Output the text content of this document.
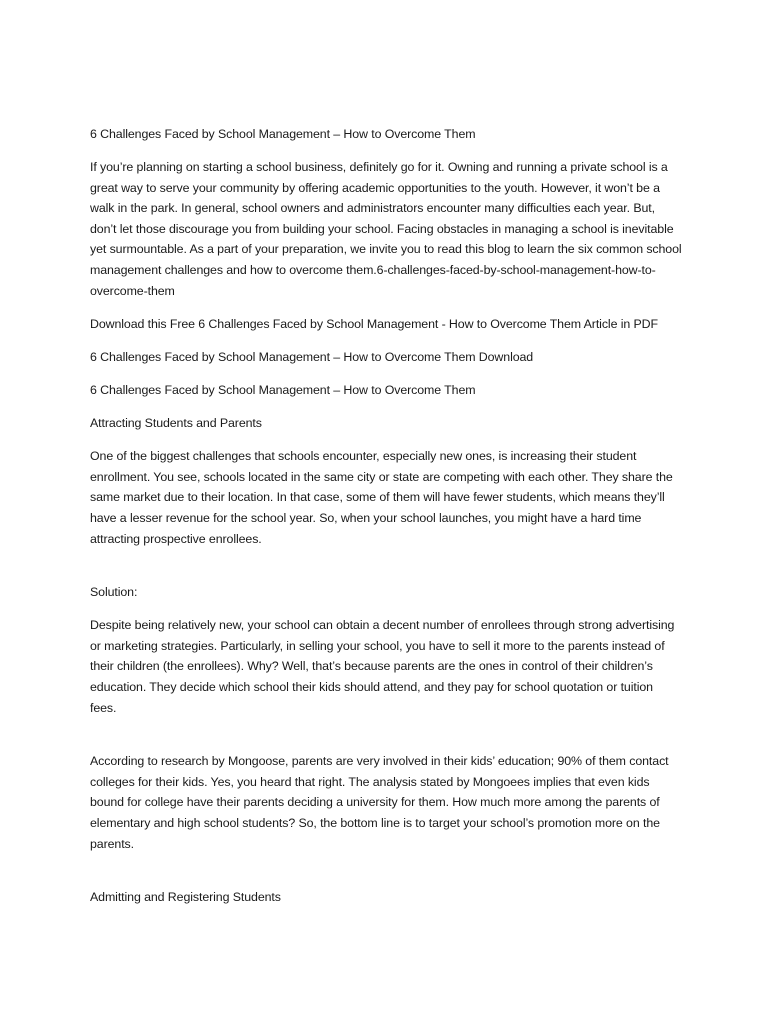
6 Challenges Faced by School Management – How to Overcome Them

If you’re planning on starting a school business, definitely go for it. Owning and running a private school is a great way to serve your community by offering academic opportunities to the youth. However, it won’t be a walk in the park. In general, school owners and administrators encounter many difficulties each year. But, don’t let those discourage you from building your school. Facing obstacles in managing a school is inevitable yet surmountable. As a part of your preparation, we invite you to read this blog to learn the six common school management challenges and how to overcome them.6-challenges-faced-by-school-management-how-to-overcome-them

Download this Free 6 Challenges Faced by School Management - How to Overcome Them Article in PDF

6 Challenges Faced by School Management – How to Overcome Them Download

6 Challenges Faced by School Management – How to Overcome Them

Attracting Students and Parents

One of the biggest challenges that schools encounter, especially new ones, is increasing their student enrollment. You see, schools located in the same city or state are competing with each other. They share the same market due to their location. In that case, some of them will have fewer students, which means they’ll have a lesser revenue for the school year. So, when your school launches, you might have a hard time attracting prospective enrollees.

Solution:

Despite being relatively new, your school can obtain a decent number of enrollees through strong advertising or marketing strategies. Particularly, in selling your school, you have to sell it more to the parents instead of their children (the enrollees). Why? Well, that’s because parents are the ones in control of their children’s education. They decide which school their kids should attend, and they pay for school quotation or tuition fees.

According to research by Mongoose, parents are very involved in their kids’ education; 90% of them contact colleges for their kids. Yes, you heard that right. The analysis stated by Mongoees implies that even kids bound for college have their parents deciding a university for them. How much more among the parents of elementary and high school students? So, the bottom line is to target your school’s promotion more on the parents.

Admitting and Registering Students
